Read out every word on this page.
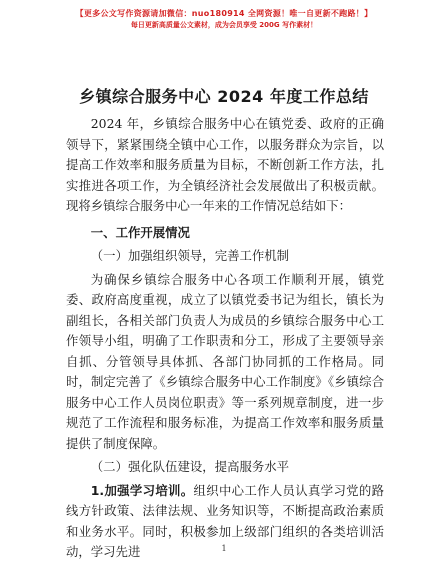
【更多公文写作资源请加微信：nuo180914 全网资源！唯一自更新不跑路！】
每日更新高质量公文素材，成为会员享受 200G 写作素材！
乡镇综合服务中心 2024 年度工作总结

2024 年，乡镇综合服务中心在镇党委、政府的正确领导下，紧紧围绕全镇中心工作，以服务群众为宗旨，以提高工作效率和服务质量为目标，不断创新工作方法，扎实推进各项工作，为全镇经济社会发展做出了积极贡献。现将乡镇综合服务中心一年来的工作情况总结如下：

一、工作开展情况

（一）加强组织领导，完善工作机制

为确保乡镇综合服务中心各项工作顺利开展，镇党委、政府高度重视，成立了以镇党委书记为组长，镇长为副组长，各相关部门负责人为成员的乡镇综合服务中心工作领导小组，明确了工作职责和分工，形成了主要领导亲自抓、分管领导具体抓、各部门协同抓的工作格局。同时，制定完善了《乡镇综合服务中心工作制度》《乡镇综合服务中心工作人员岗位职责》等一系列规章制度，进一步规范了工作流程和服务标准，为提高工作效率和服务质量提供了制度保障。

（二）强化队伍建设，提高服务水平

1.加强学习培训。组织中心工作人员认真学习党的路线方针政策、法律法规、业务知识等，不断提高政治素质和业务水平。同时，积极参加上级部门组织的各类培训活动，学习先进	1
